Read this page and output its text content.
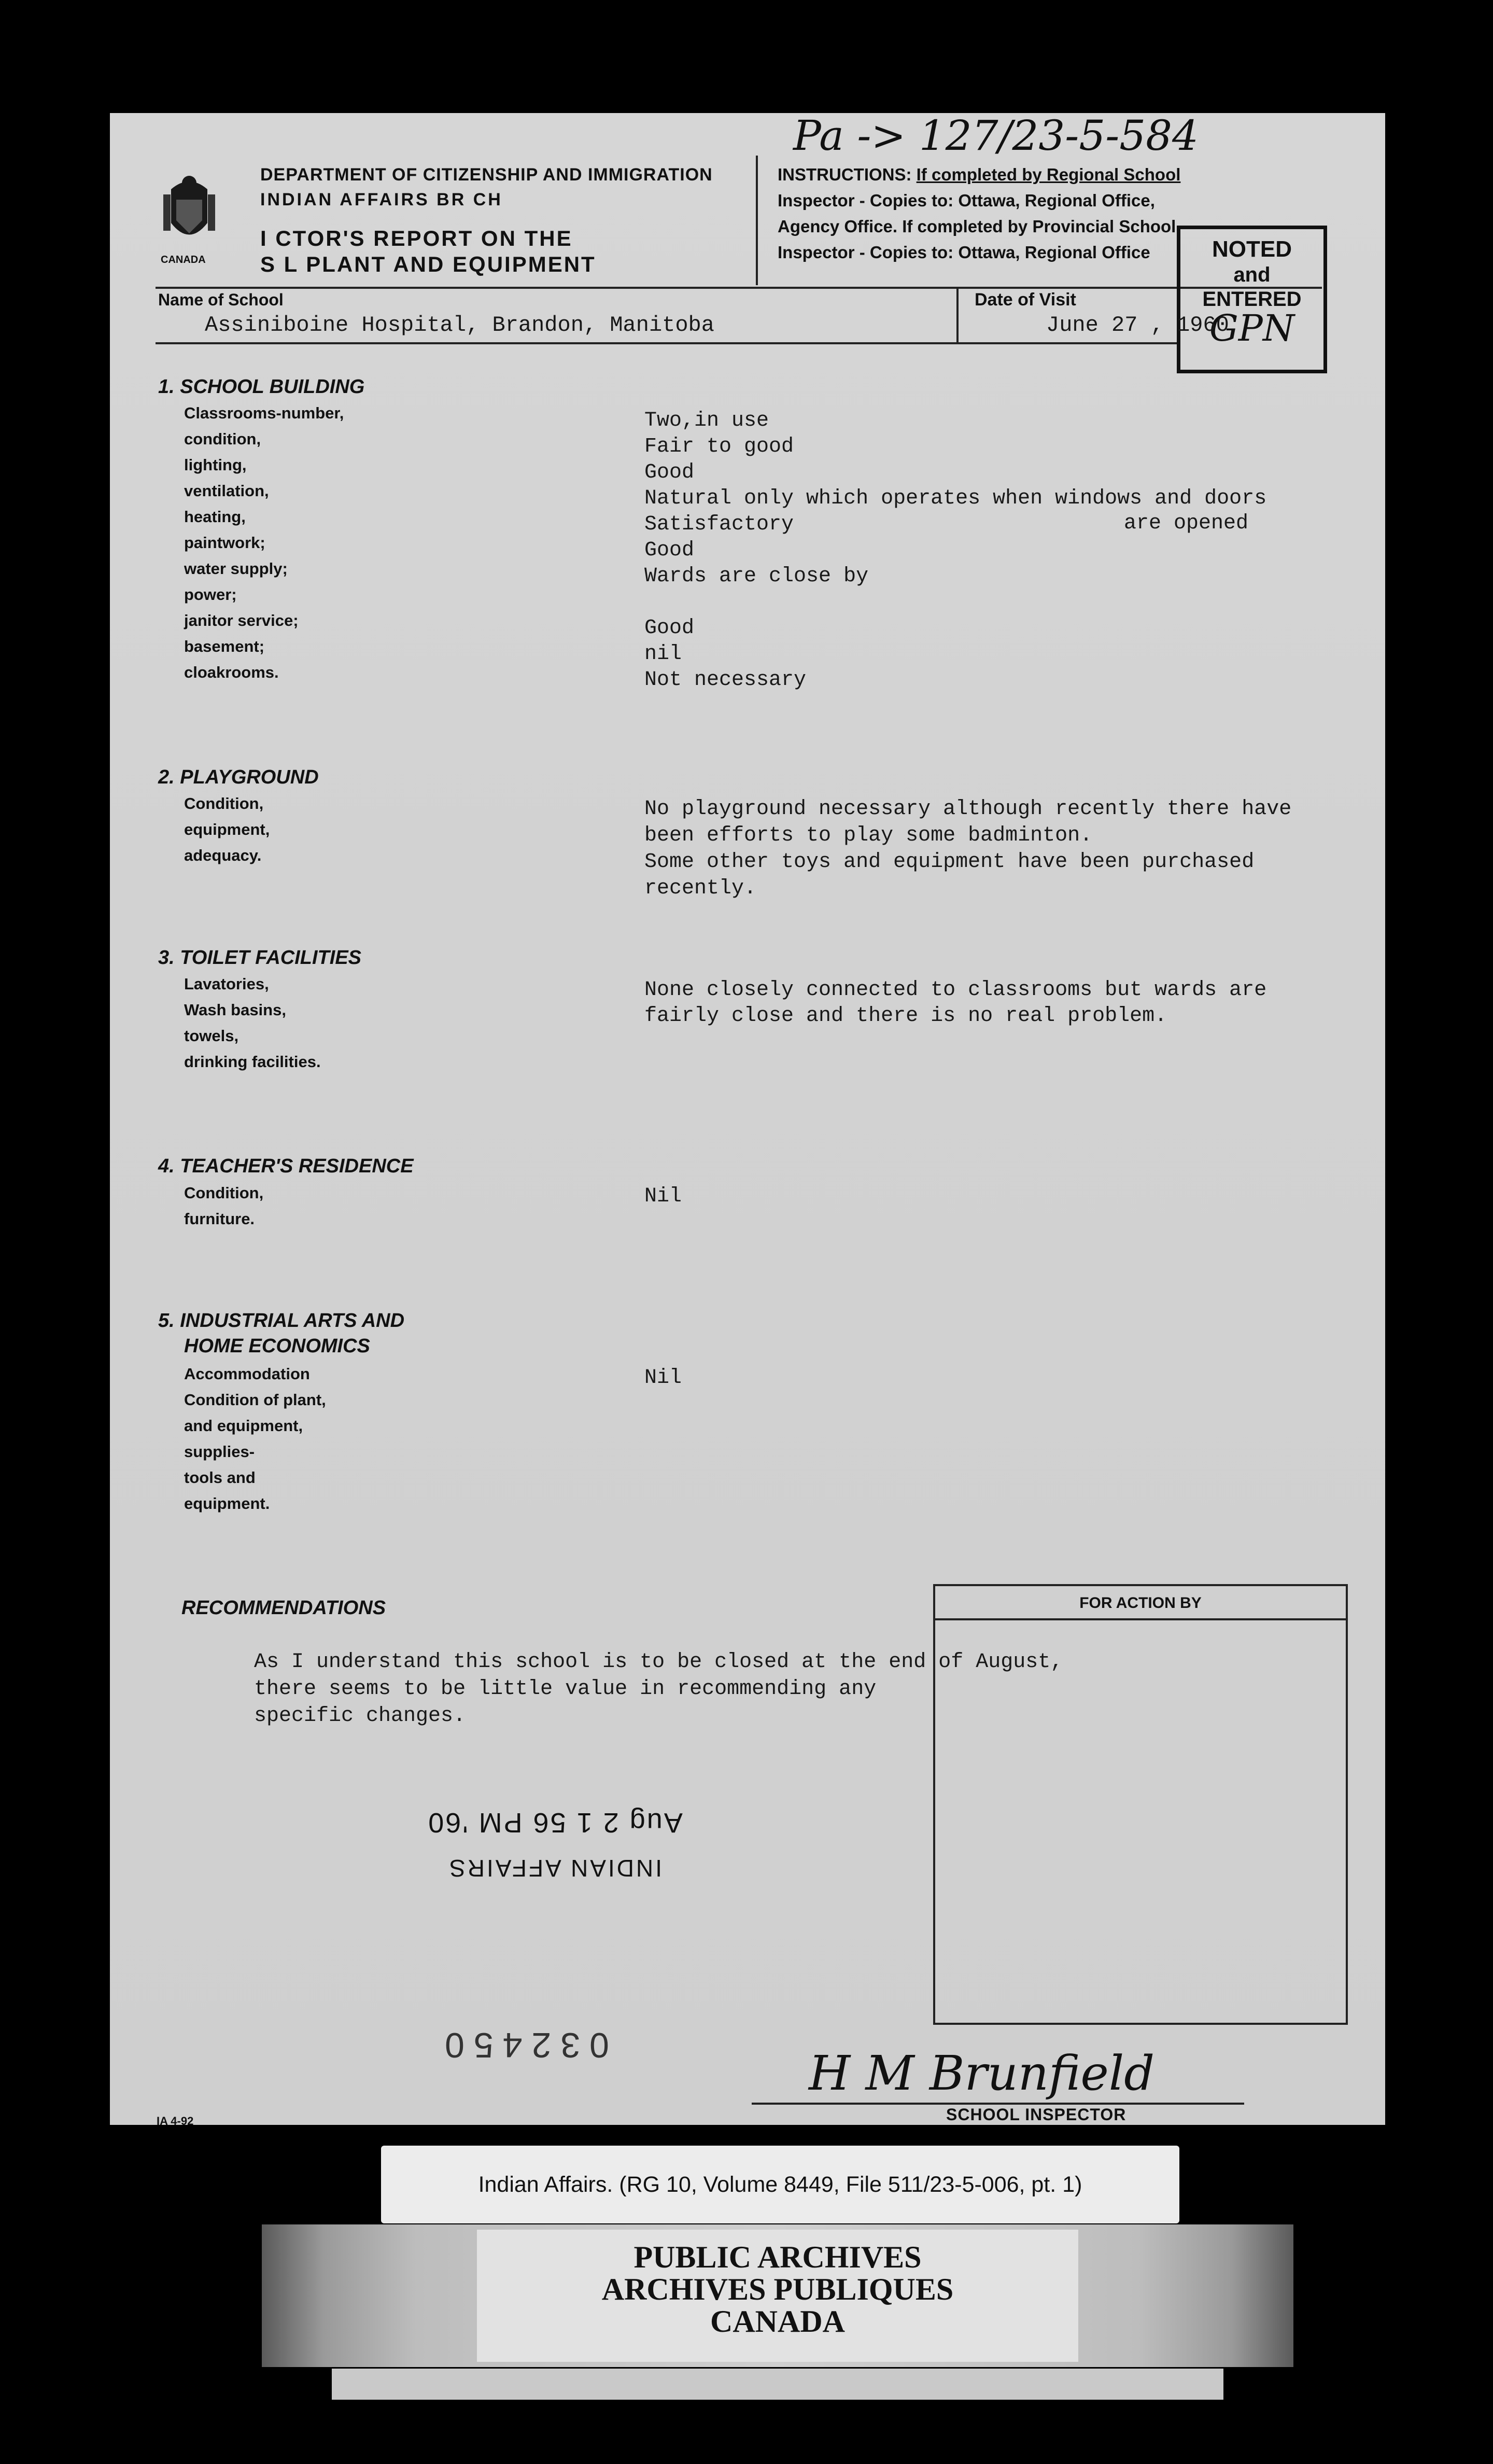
CANADA
DEPARTMENT OF CITIZENSHIP AND IMMIGRATION
INDIAN AFFAIRS BR CH
I CTOR'S REPORT ON THE
S L PLANT AND EQUIPMENT
Pa -> 127/23-5-584
INSTRUCTIONS: If completed by Regional School
Inspector - Copies to: Ottawa, Regional Office,
Agency Office. If completed by Provincial School
Inspector - Copies to: Ottawa, Regional Office	NOTED
and
ENTERED
GPN
Name of School
Assiniboine Hospital, Brandon, Manitoba
Date of Visit
June 27 , 1960
1. SCHOOL BUILDING
Classrooms-number,
condition,
lighting,
ventilation,
heating,
paintwork;
water supply;
power;
janitor service;
basement;
cloakrooms.
Two,in use
Fair to good
Good
Natural only which operates when windows and doors
Satisfactory
Good
Wards are close by
Good
nil
Not necessary
are opened
2. PLAYGROUND
Condition,
equipment,
adequacy.
No playground necessary although recently there have
been efforts to play some badminton.
Some other toys and equipment have been purchased
recently.
3. TOILET FACILITIES
Lavatories,
Wash basins,
towels,
drinking facilities.
None closely connected to classrooms but wards are
fairly close and there is no real problem.
4. TEACHER'S RESIDENCE
Condition,
furniture.
Nil
5. INDUSTRIAL ARTS AND
HOME ECONOMICS
Accommodation
Condition of plant,
and equipment,
supplies-
tools and
equipment.
Nil
RECOMMENDATIONS
As I understand this school is to be closed at the end of August,
there seems to be little value in recommending any
specific changes.
FOR ACTION BY
INDIAN AFFAIRS
Aug 2 1 56 PM '60
032450
H M Brunfield
SCHOOL INSPECTOR
IA 4-92
Indian Affairs. (RG 10, Volume 8449, File 511/23-5-006, pt. 1)
PUBLIC ARCHIVES
ARCHIVES PUBLIQUES
CANADA
